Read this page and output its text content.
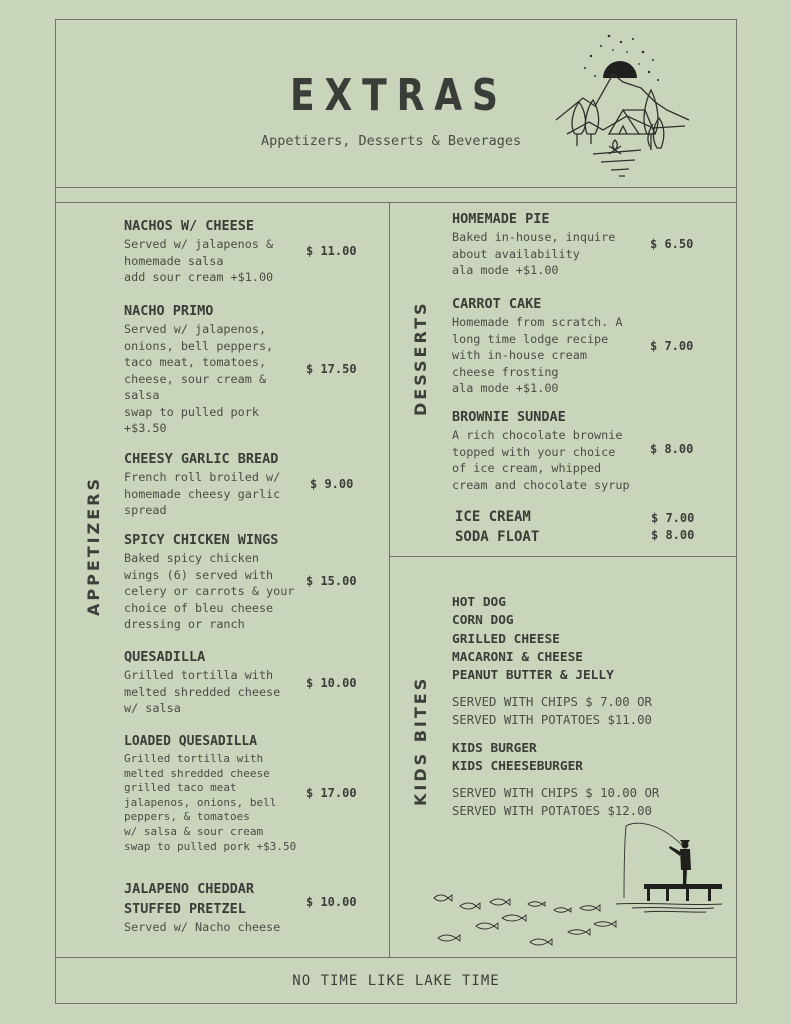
EXTRAS
Appetizers, Desserts & Beverages
APPETIZERS
DESSERTS
KIDS BITES
NACHOS W/ CHEESE
Served w/ jalapenos &
homemade salsa
add sour cream +$1.00
$ 11.00
NACHO PRIMO
Served w/ jalapenos,
onions, bell peppers,
taco meat, tomatoes,
cheese, sour cream &
salsa
swap to pulled pork
+$3.50
$ 17.50
CHEESY GARLIC BREAD
French roll broiled w/
homemade cheesy garlic
spread
$ 9.00
SPICY CHICKEN WINGS
Baked spicy chicken
wings (6) served with
celery or carrots & your
choice of bleu cheese
dressing or ranch
$ 15.00
QUESADILLA
Grilled tortilla with
melted shredded cheese
w/ salsa
$ 10.00
LOADED QUESADILLA
Grilled tortilla with
melted shredded cheese
grilled taco meat
jalapenos, onions, bell
peppers, & tomatoes
w/ salsa & sour cream
swap to pulled pork +$3.50
$ 17.00
JALAPENO CHEDDAR
STUFFED PRETZEL
Served w/ Nacho cheese
$ 10.00
HOMEMADE PIE
Baked in-house, inquire
about availability
ala mode +$1.00
$ 6.50
CARROT CAKE
Homemade from scratch. A
long time lodge recipe
with in-house cream
cheese frosting
ala mode +$1.00
$ 7.00
BROWNIE SUNDAE
A rich chocolate brownie
topped with your choice
of ice cream, whipped
cream and chocolate syrup
$ 8.00
ICE CREAM	$ 7.00
SODA FLOAT	$ 8.00
HOT DOG
CORN DOG
GRILLED CHEESE
MACARONI & CHEESE
PEANUT BUTTER & JELLY
SERVED WITH CHIPS $ 7.00 OR
SERVED WITH POTATOES $11.00
KIDS BURGER
KIDS CHEESEBURGER
SERVED WITH CHIPS $ 10.00 OR
SERVED WITH POTATOES $12.00
NO TIME LIKE LAKE TIME
